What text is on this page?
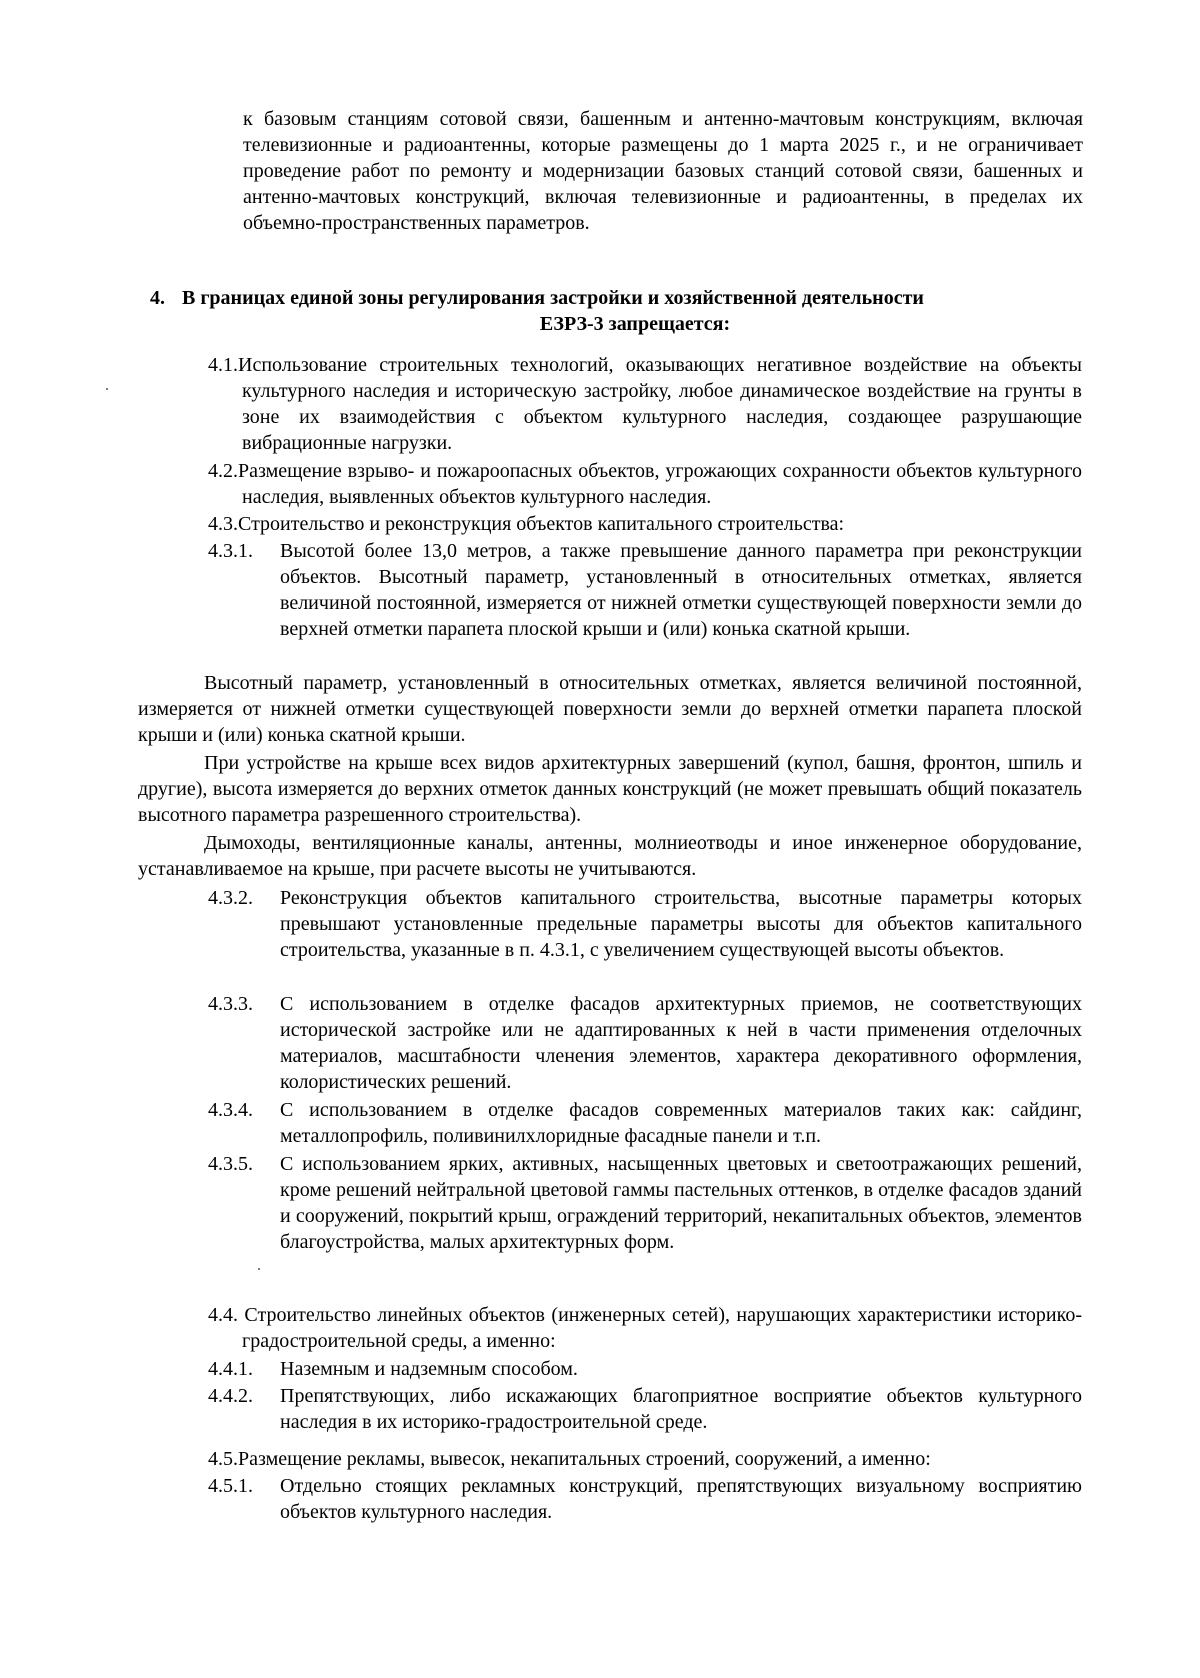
к базовым станциям сотовой связи, башенным и антенно-мачтовым конструкциям, включая телевизионные и радиоантенны, которые размещены до 1 марта 2025 г., и не ограничивает проведение работ по ремонту и модернизации базовых станций сотовой связи, башенных и антенно-мачтовых конструкций, включая телевизионные и радиоантенны, в пределах их объемно-пространственных параметров.
4. В границах единой зоны регулирования застройки и хозяйственной деятельности
ЕЗРЗ-3 запрещается:
4.1.Использование строительных технологий, оказывающих негативное воздействие на объекты культурного наследия и историческую застройку, любое динамическое воздействие на грунты в зоне их взаимодействия с объектом культурного наследия, создающее разрушающие вибрационные нагрузки.
4.2.Размещение взрыво- и пожароопасных объектов, угрожающих сохранности объектов культурного наследия, выявленных объектов культурного наследия.
4.3.Строительство и реконструкция объектов капитального строительства:
4.3.1. Высотой более 13,0 метров, а также превышение данного параметра при реконструкции объектов. Высотный параметр, установленный в относительных отметках, является величиной постоянной, измеряется от нижней отметки существующей поверхности земли до верхней отметки парапета плоской крыши и (или) конька скатной крыши.
Высотный параметр, установленный в относительных отметках, является величиной постоянной, измеряется от нижней отметки существующей поверхности земли до верхней отметки парапета плоской крыши и (или) конька скатной крыши.
При устройстве на крыше всех видов архитектурных завершений (купол, башня, фронтон, шпиль и другие), высота измеряется до верхних отметок данных конструкций (не может превышать общий показатель высотного параметра разрешенного строительства).
Дымоходы, вентиляционные каналы, антенны, молниеотводы и иное инженерное оборудование, устанавливаемое на крыше, при расчете высоты не учитываются.
4.3.2. Реконструкция объектов капитального строительства, высотные параметры которых превышают установленные предельные параметры высоты для объектов капитального строительства, указанные в п. 4.3.1, с увеличением существующей высоты объектов.
4.3.3. С использованием в отделке фасадов архитектурных приемов, не соответствующих исторической застройке или не адаптированных к ней в части применения отделочных материалов, масштабности членения элементов, характера декоративного оформления, колористических решений.
4.3.4. С использованием в отделке фасадов современных материалов таких как: сайдинг, металлопрофиль, поливинилхлоридные фасадные панели и т.п.
4.3.5. С использованием ярких, активных, насыщенных цветовых и светоотражающих решений, кроме решений нейтральной цветовой гаммы пастельных оттенков, в отделке фасадов зданий и сооружений, покрытий крыш, ограждений территорий, некапитальных объектов, элементов благоустройства, малых архитектурных форм.
4.4. Строительство линейных объектов (инженерных сетей), нарушающих характеристики историко-градостроительной среды, а именно:
4.4.1. Наземным и надземным способом.
4.4.2. Препятствующих, либо искажающих благоприятное восприятие объектов культурного наследия в их историко-градостроительной среде.
4.5.Размещение рекламы, вывесок, некапитальных строений, сооружений, а именно:
4.5.1. Отдельно стоящих рекламных конструкций, препятствующих визуальному восприятию объектов культурного наследия.
